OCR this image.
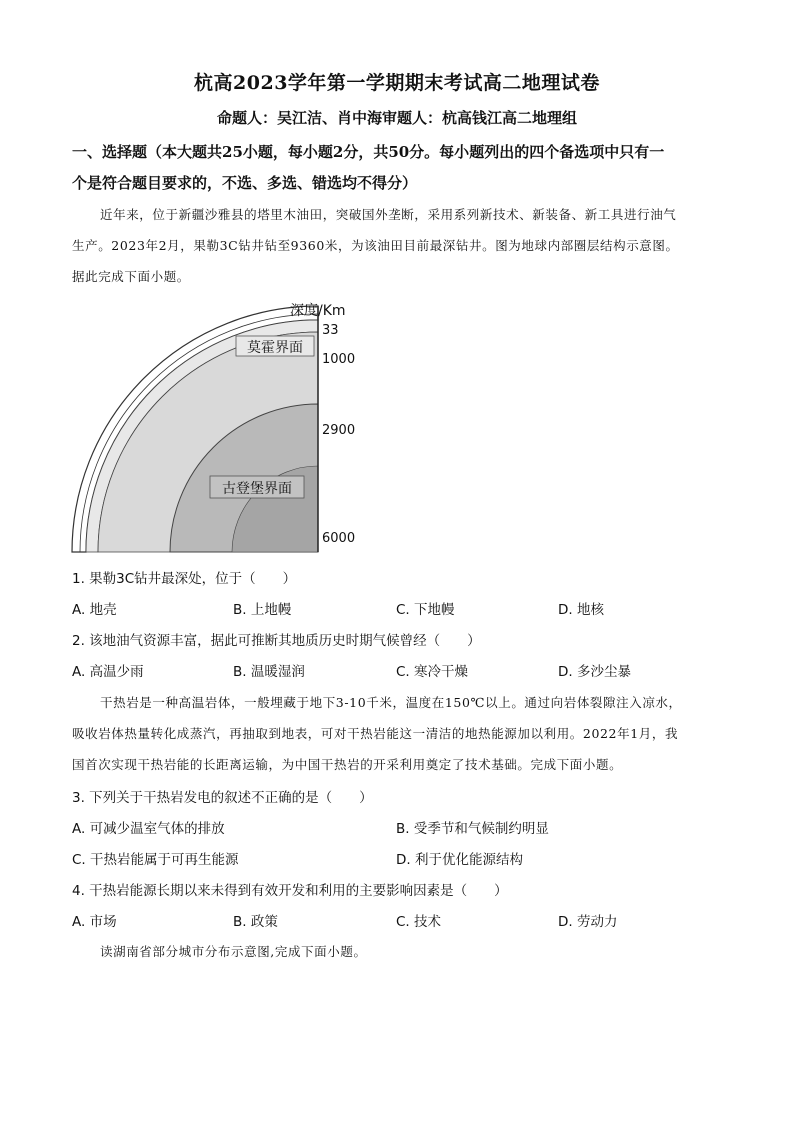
杭高2023学年第一学期期末考试高二地理试卷
命题人：吴江洁、肖中海审题人：杭高钱江高二地理组
一、选择题（本大题共25小题，每小题2分，共50分。每小题列出的四个备选项中只有一
个是符合题目要求的，不选、多选、错选均不得分）
近年来，位于新疆沙雅县的塔里木油田，突破国外垄断，采用系列新技术、新装备、新工具进行油气
生产。2023年2月，果勒3C钻井钻至9360米，为该油田目前最深钻井。图为地球内部圈层结构示意图。
据此完成下面小题。
莫霍界面
古登堡界面
深度/Km
33
1000
2900
6000
1. 果勒3C钻井最深处，位于（　　）
A. 地壳	B. 上地幔	C. 下地幔	D. 地核
2. 该地油气资源丰富，据此可推断其地质历史时期气候曾经（　　）
A. 高温少雨	B. 温暖湿润	C. 寒冷干燥	D. 多沙尘暴
干热岩是一种高温岩体，一般埋藏于地下3-10千米，温度在150℃以上。通过向岩体裂隙注入凉水，
吸收岩体热量转化成蒸汽，再抽取到地表，可对干热岩能这一清洁的地热能源加以利用。2022年1月，我
国首次实现干热岩能的长距离运输，为中国干热岩的开采利用奠定了技术基础。完成下面小题。
3. 下列关于干热岩发电的叙述不正确的是（　　）
A. 可减少温室气体的排放	B. 受季节和气候制约明显
C. 干热岩能属于可再生能源	D. 利于优化能源结构
4. 干热岩能源长期以来未得到有效开发和利用的主要影响因素是（　　）
A. 市场	B. 政策	C. 技术	D. 劳动力
读湖南省部分城市分布示意图,完成下面小题。
